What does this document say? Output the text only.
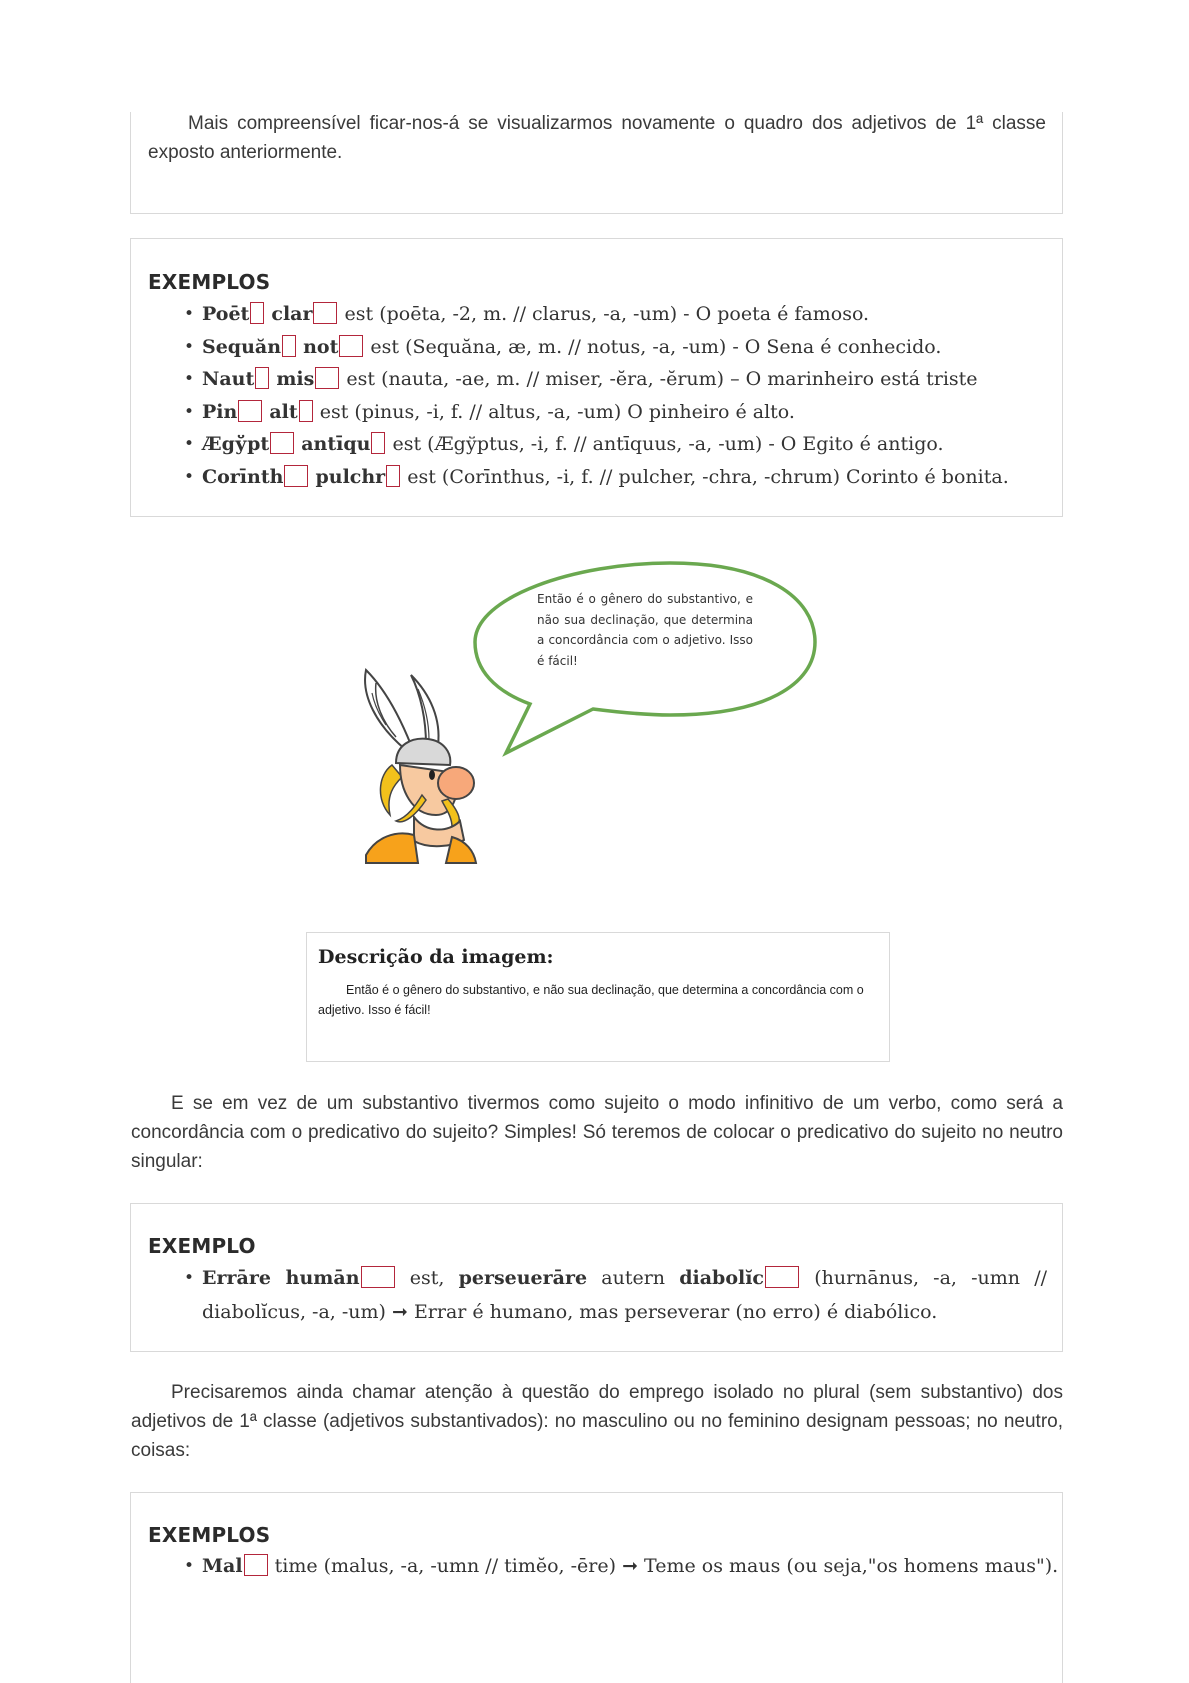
Mais compreensível ficar-nos-á se visualizarmos novamente o quadro dos adjetivos de 1ª classe exposto anteriormente.

EXEMPLOS
• Poēt clar est (poēta, -2, m. // clarus, -a, -um) - O poeta é famoso.
• Sequăn not est (Sequăna, æ, m. // notus, -a, -um) - O Sena é conhecido.
• Naut mis est (nauta, -ae, m. // miser, -ĕra, -ĕrum) – O marinheiro está triste
• Pin alt est (pinus, -i, f. // altus, -a, -um) O pinheiro é alto.
• Ægўpt antīqu est (Ægўptus, -i, f. // antīquus, -a, -um) - O Egito é antigo.
• Corīnth pulchr est (Corīnthus, -i, f. // pulcher, -chra, -chrum) Corinto é bonita.

Então é o gênero do substantivo, e não sua declinação, que determina a concordância com o adjetivo. Isso é fácil!

Descrição da imagem:

Então é o gênero do substantivo, e não sua declinação, que determina a concordância com o adjetivo. Isso é fácil!

E se em vez de um substantivo tivermos como sujeito o modo infinitivo de um verbo, como será a concordância com o predicativo do sujeito? Simples! Só teremos de colocar o predicativo do sujeito no neutro singular:

EXEMPLO
• Errāre humān	est, perseuerāre autern diabolĭc	(hurnānus, -a, -umn // diabolĭcus, -a, -um) ➞ Errar é humano, mas perseverar (no erro) é diabólico.

Precisaremos ainda chamar atenção à questão do emprego isolado no plural (sem substantivo) dos adjetivos de 1ª classe (adjetivos substantivados): no masculino ou no feminino designam pessoas; no neutro, coisas:

EXEMPLOS
• Mal time (malus, -a, -umn // timĕo, -ēre) ➞ Teme os maus (ou seja,"os homens maus").
